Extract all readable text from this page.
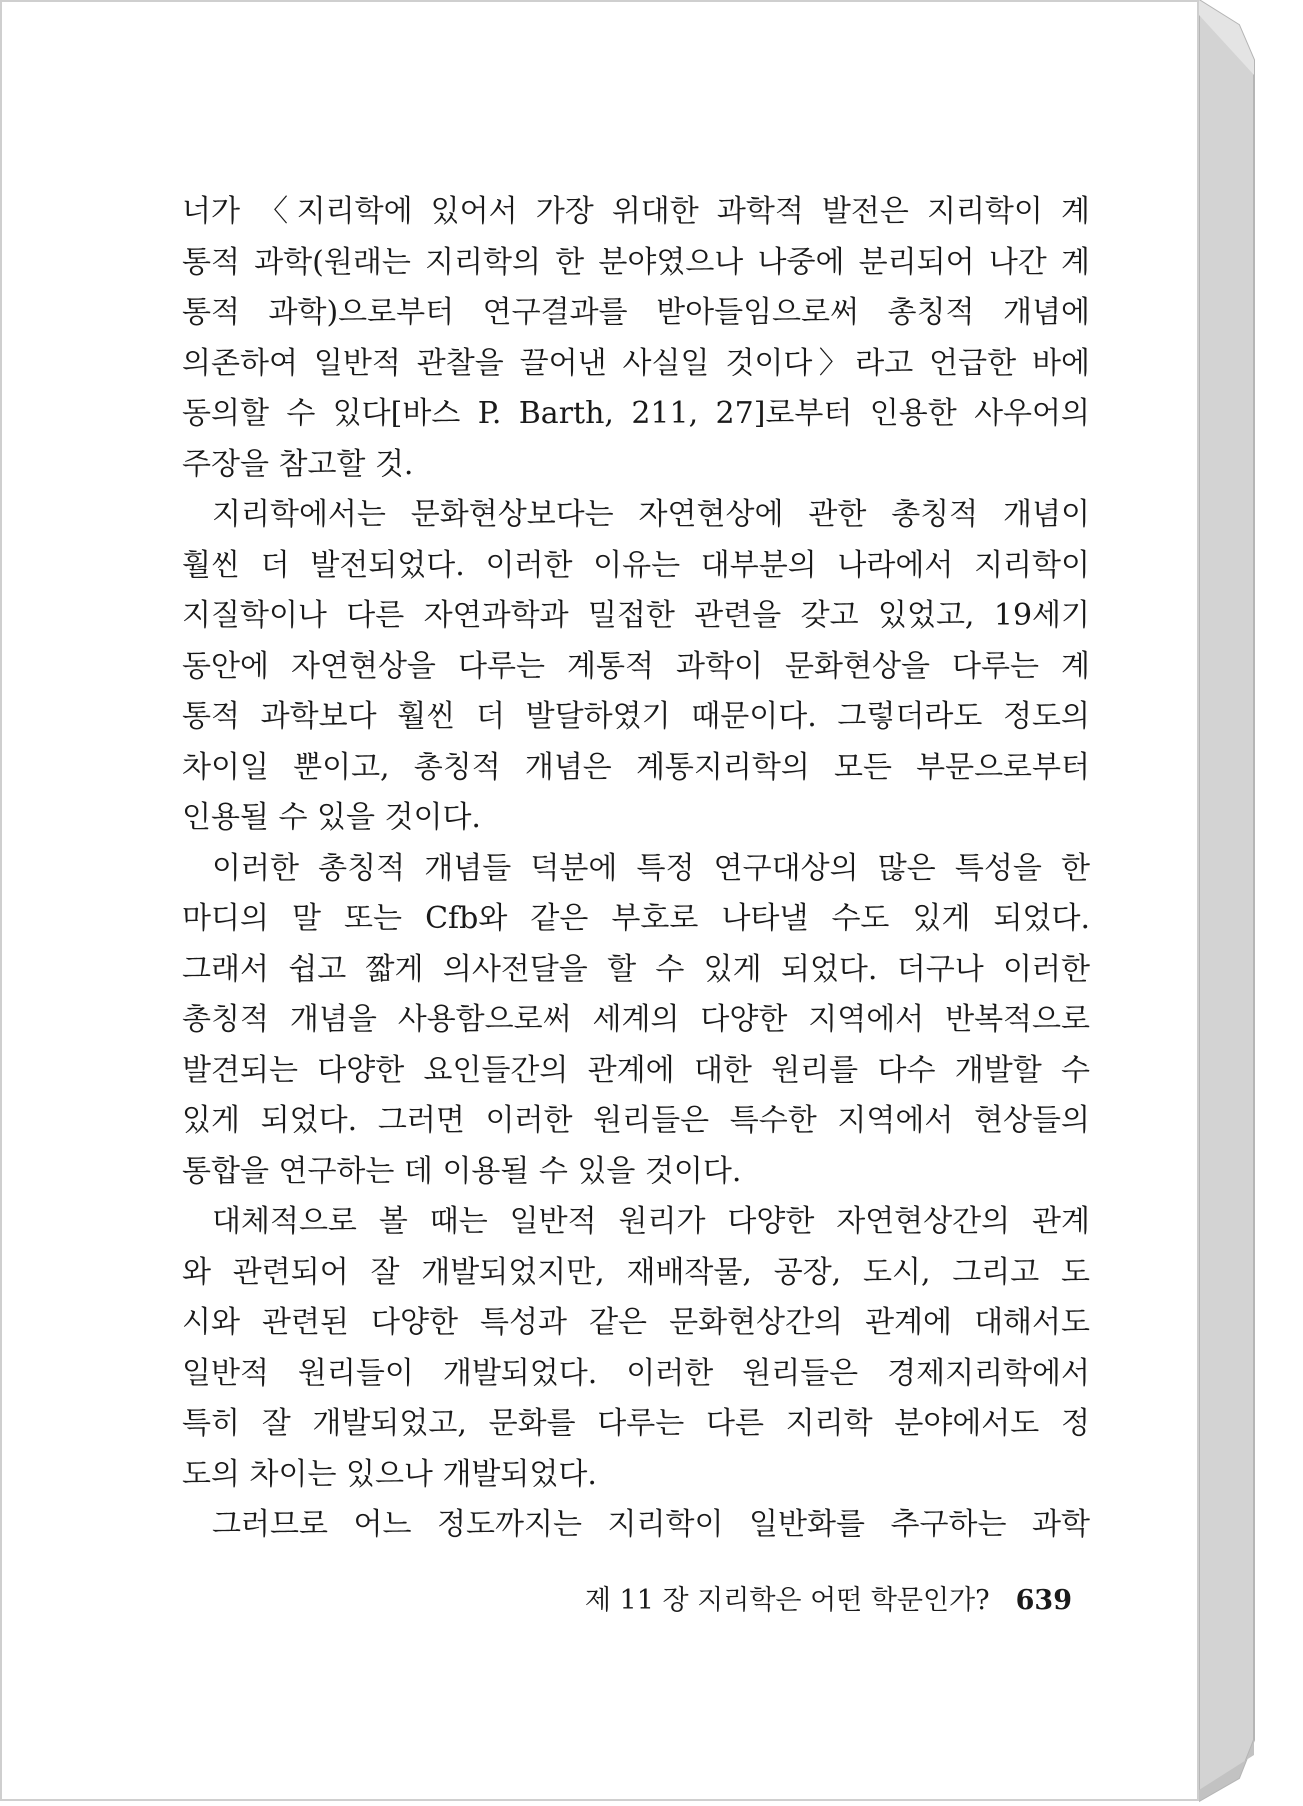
너가 〈지리학에 있어서 가장 위대한 과학적 발전은 지리학이 계
통적 과학(원래는 지리학의 한 분야였으나 나중에 분리되어 나간 계
통적 과학)으로부터 연구결과를 받아들임으로써 총칭적 개념에
의존하여 일반적 관찰을 끌어낸 사실일 것이다〉라고 언급한 바에
동의할 수 있다[바스 P. Barth, 211, 27]로부터 인용한 사우어의
주장을 참고할 것.
지리학에서는 문화현상보다는 자연현상에 관한 총칭적 개념이
훨씬 더 발전되었다. 이러한 이유는 대부분의 나라에서 지리학이
지질학이나 다른 자연과학과 밀접한 관련을 갖고 있었고, 19세기
동안에 자연현상을 다루는 계통적 과학이 문화현상을 다루는 계
통적 과학보다 훨씬 더 발달하였기 때문이다. 그렇더라도 정도의
차이일 뿐이고, 총칭적 개념은 계통지리학의 모든 부문으로부터
인용될 수 있을 것이다.
이러한 총칭적 개념들 덕분에 특정 연구대상의 많은 특성을 한
마디의 말 또는 Cfb와 같은 부호로 나타낼 수도 있게 되었다.
그래서 쉽고 짧게 의사전달을 할 수 있게 되었다. 더구나 이러한
총칭적 개념을 사용함으로써 세계의 다양한 지역에서 반복적으로
발견되는 다양한 요인들간의 관계에 대한 원리를 다수 개발할 수
있게 되었다. 그러면 이러한 원리들은 특수한 지역에서 현상들의
통합을 연구하는 데 이용될 수 있을 것이다.
대체적으로 볼 때는 일반적 원리가 다양한 자연현상간의 관계
와 관련되어 잘 개발되었지만, 재배작물, 공장, 도시, 그리고 도
시와 관련된 다양한 특성과 같은 문화현상간의 관계에 대해서도
일반적 원리들이 개발되었다. 이러한 원리들은 경제지리학에서
특히 잘 개발되었고, 문화를 다루는 다른 지리학 분야에서도 정
도의 차이는 있으나 개발되었다.
그러므로 어느 정도까지는 지리학이 일반화를 추구하는 과학
제 11 장 지리학은 어떤 학문인가? 639
